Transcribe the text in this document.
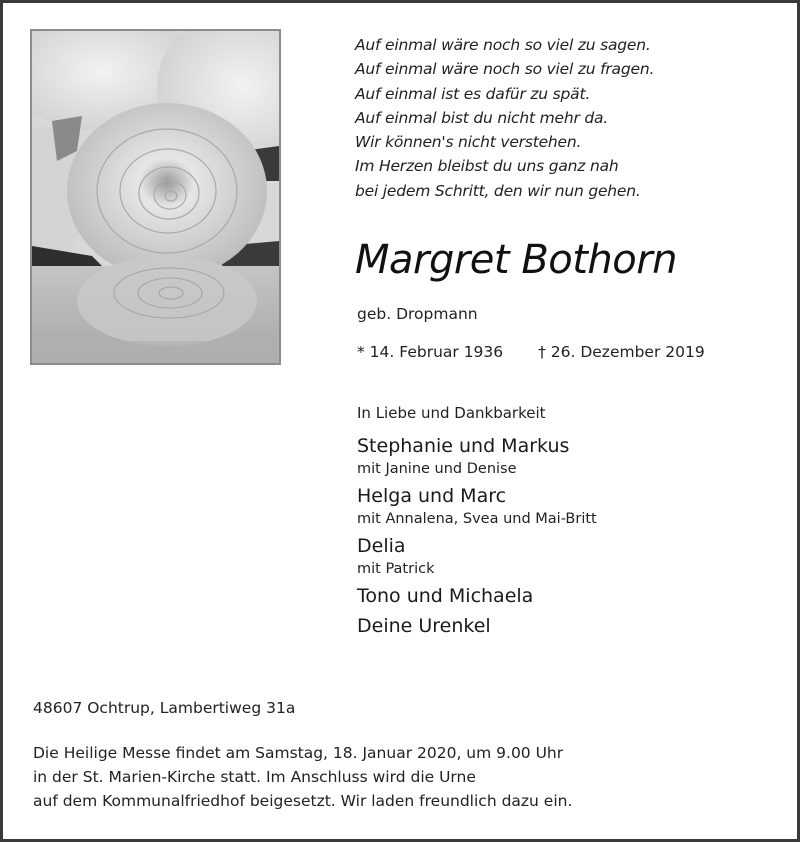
Auf einmal wäre noch so viel zu sagen.
Auf einmal wäre noch so viel zu fragen.
Auf einmal ist es dafür zu spät.
Auf einmal bist du nicht mehr da.
Wir können's nicht verstehen.
Im Herzen bleibst du uns ganz nah
bei jedem Schritt, den wir nun gehen.
Margret Bothorn
geb. Dropmann
* 14. Februar 1936 † 26. Dezember 2019
In Liebe und Dankbarkeit
Stephanie und Markus
mit Janine und Denise
Helga und Marc
mit Annalena, Svea und Mai-Britt
Delia
mit Patrick
Tono und Michaela
Deine Urenkel
48607 Ochtrup, Lambertiweg 31a
Die Heilige Messe findet am Samstag, 18. Januar 2020, um 9.00 Uhr
in der St. Marien-Kirche statt. Im Anschluss wird die Urne
auf dem Kommunalfriedhof beigesetzt. Wir laden freundlich dazu ein.
